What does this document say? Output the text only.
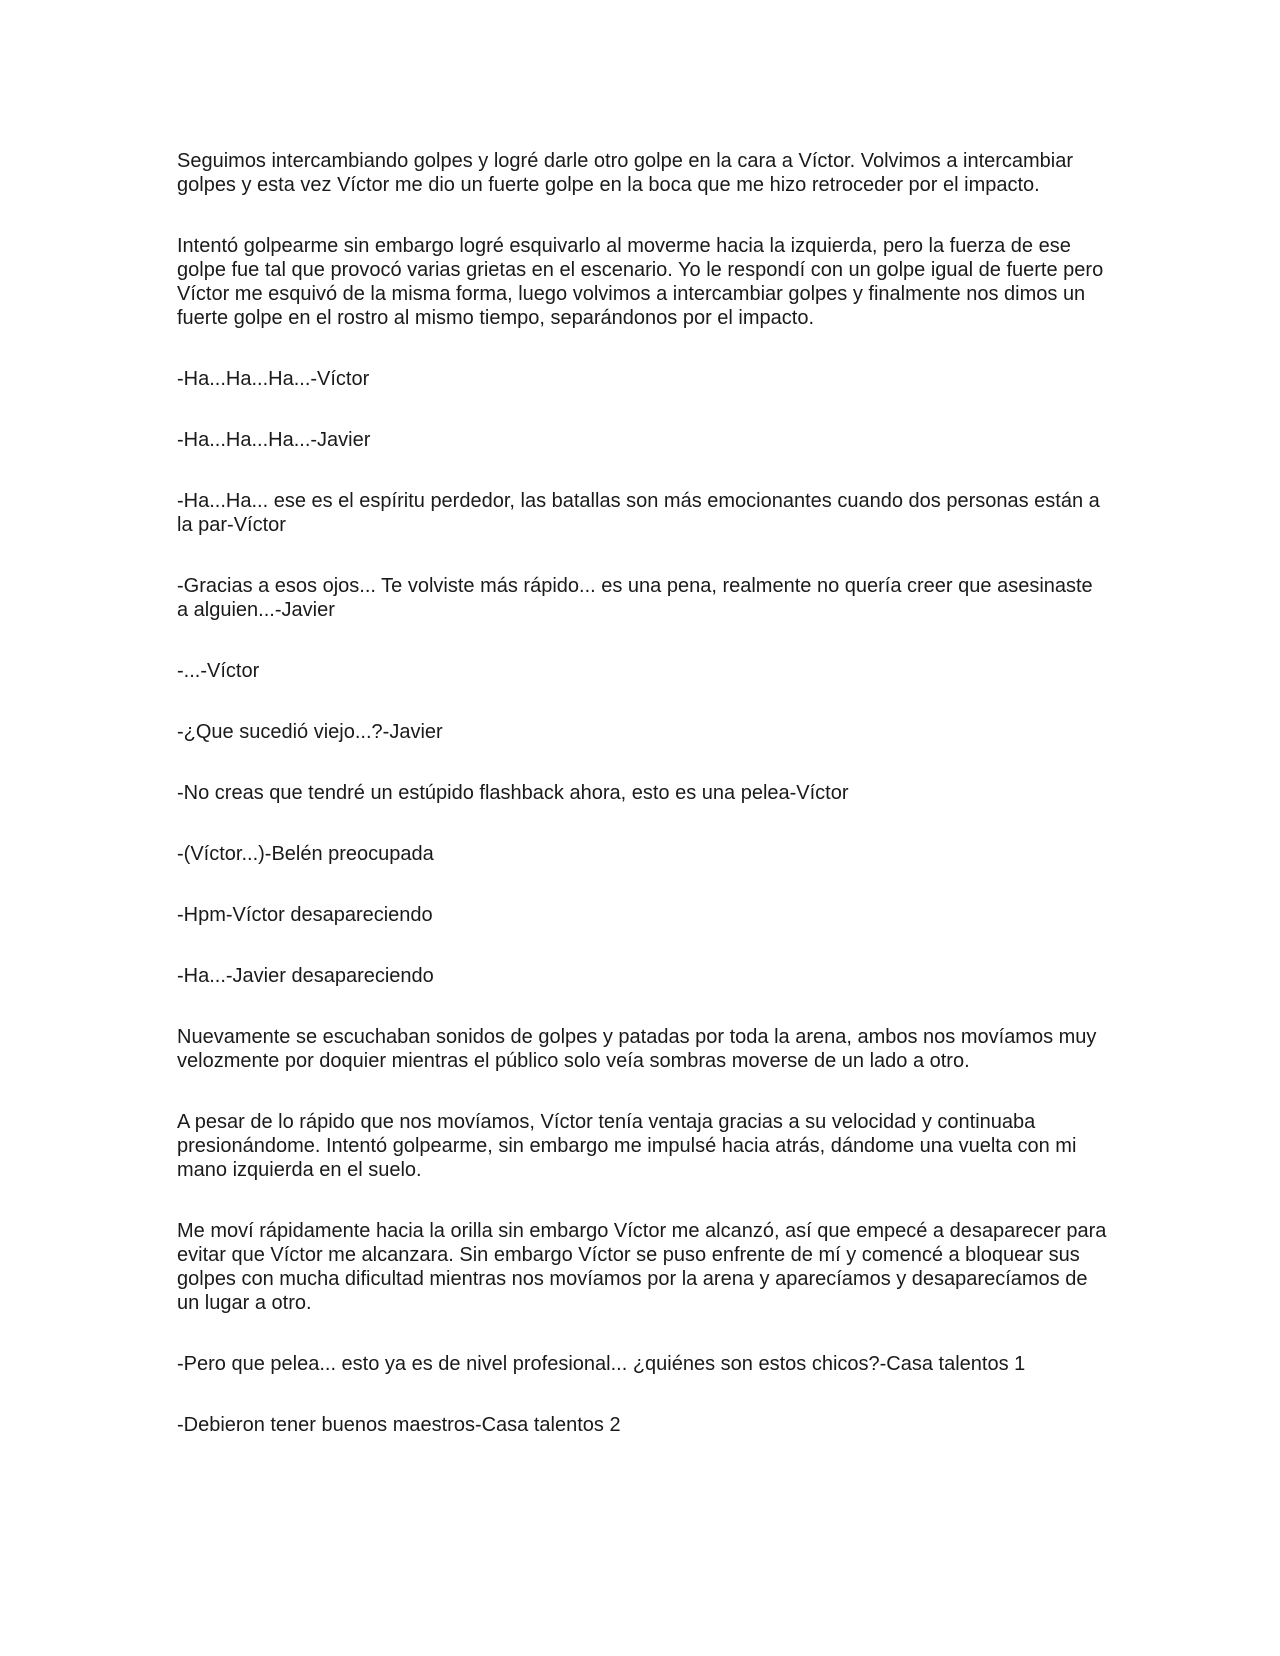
Seguimos intercambiando golpes y logré darle otro golpe en la cara a Víctor. Volvimos a intercambiar golpes y esta vez Víctor me dio un fuerte golpe en la boca que me hizo retroceder por el impacto.

Intentó golpearme sin embargo logré esquivarlo al moverme hacia la izquierda, pero la fuerza de ese golpe fue tal que provocó varias grietas en el escenario. Yo le respondí con un golpe igual de fuerte pero Víctor me esquivó de la misma forma, luego volvimos a intercambiar golpes y finalmente nos dimos un fuerte golpe en el rostro al mismo tiempo, separándonos por el impacto.

-Ha...Ha...Ha...-Víctor

-Ha...Ha...Ha...-Javier

-Ha...Ha... ese es el espíritu perdedor, las batallas son más emocionantes cuando dos personas están a la par-Víctor

-Gracias a esos ojos... Te volviste más rápido... es una pena, realmente no quería creer que asesinaste a alguien...-Javier

-...-Víctor

-¿Que sucedió viejo...?-Javier

-No creas que tendré un estúpido flashback ahora, esto es una pelea-Víctor

-(Víctor...)-Belén preocupada

-Hpm-Víctor desapareciendo

-Ha...-Javier desapareciendo

Nuevamente se escuchaban sonidos de golpes y patadas por toda la arena, ambos nos movíamos muy velozmente por doquier mientras el público solo veía sombras moverse de un lado a otro.

A pesar de lo rápido que nos movíamos, Víctor tenía ventaja gracias a su velocidad y continuaba presionándome. Intentó golpearme, sin embargo me impulsé hacia atrás, dándome una vuelta con mi mano izquierda en el suelo.

Me moví rápidamente hacia la orilla sin embargo Víctor me alcanzó, así que empecé a desaparecer para evitar que Víctor me alcanzara. Sin embargo Víctor se puso enfrente de mí y comencé a bloquear sus golpes con mucha dificultad mientras nos movíamos por la arena y aparecíamos y desaparecíamos de un lugar a otro.

-Pero que pelea... esto ya es de nivel profesional... ¿quiénes son estos chicos?-Casa talentos 1

-Debieron tener buenos maestros-Casa talentos 2
